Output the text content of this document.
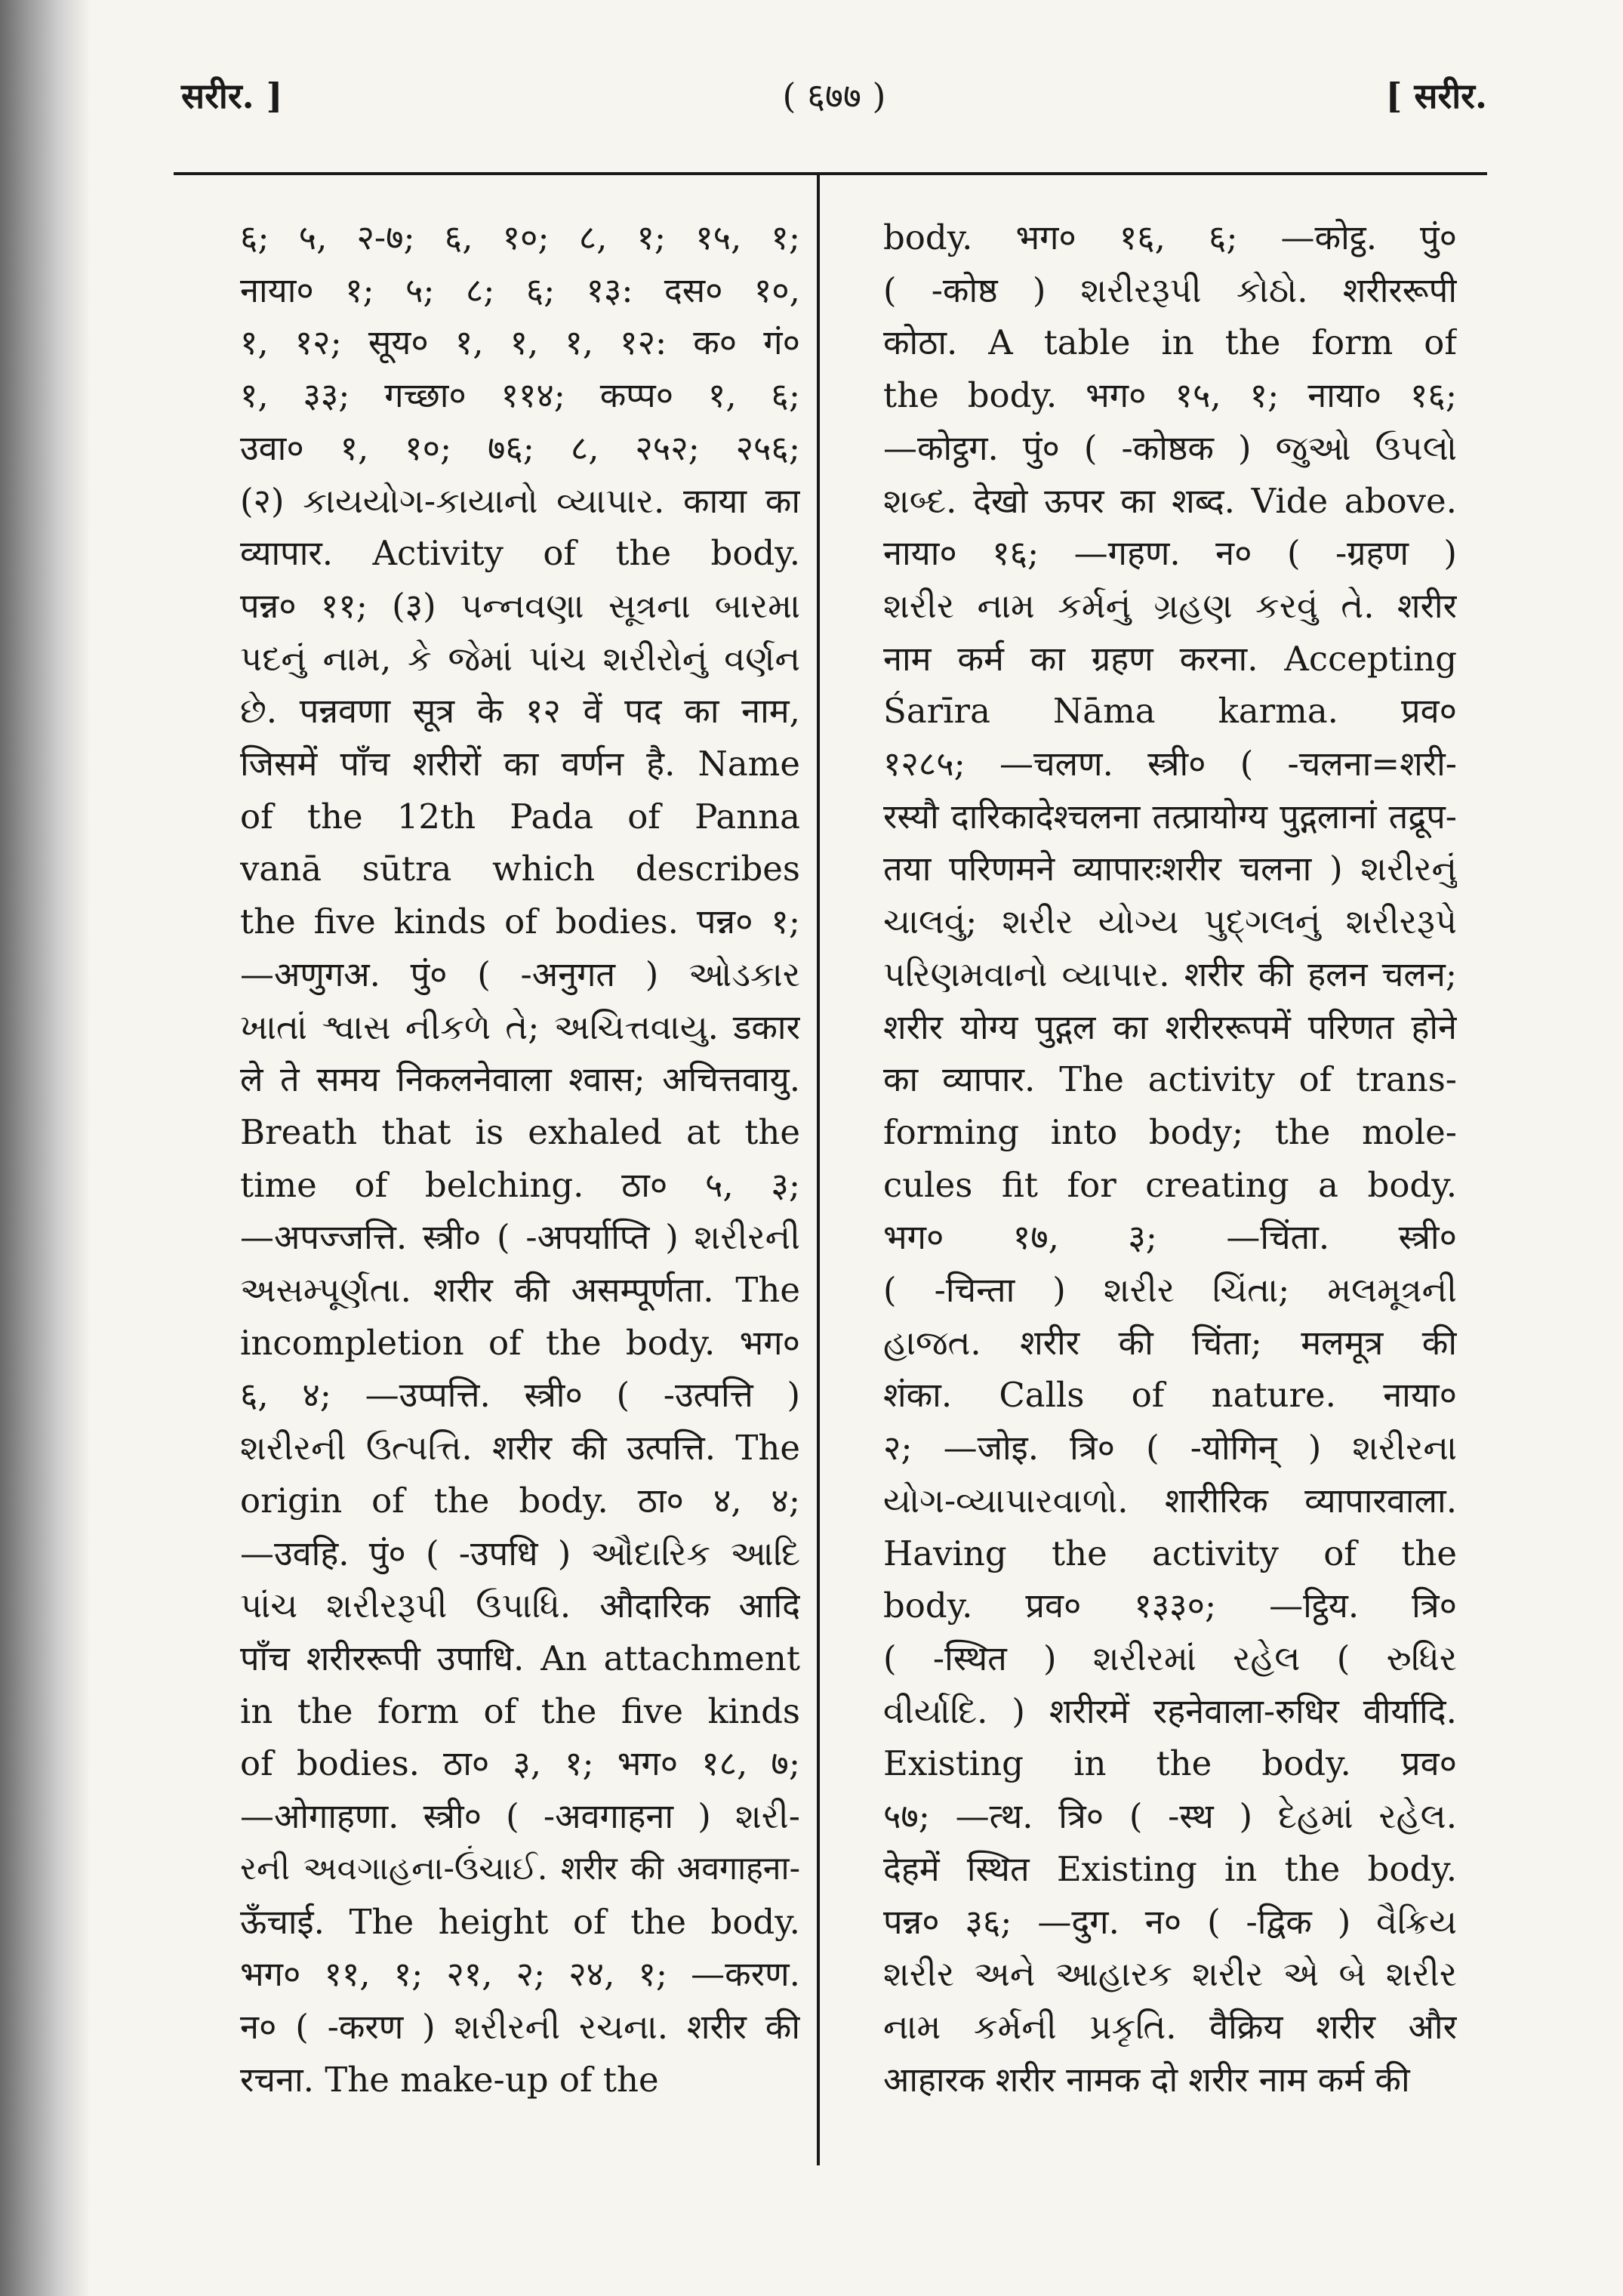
सरीर. ]	( ६७७ )	[ सरीर.
६; ५, २-७; ६, १०; ८, १; १५, १;
नाया० १; ५; ८; ६; १३: दस० १०,
१, १२; सूय० १, १, १, १२: क० गं०
१, ३३; गच्छा० ११४; कप्प० १, ६;
उवा० १, १०; ७६; ८, २५२; २५६;
(२) કાયયોગ-કાયાનો વ્યાપાર. काया का
व्यापार. Activity of the body.
पन्न० ११; (३) પન્નવણા સૂત્રના બારમા
પદનું નામ, કે જેમાં પાંચ શરીરોનું વર્ણન
છે. पन्नवणा सूत्र के १२ वें पद का नाम,
जिसमें पाँच शरीरों का वर्णन है. Name
of the 12th Pada of Panna
vanā sūtra which describes
the five kinds of bodies. पन्न० १;
—अणुगअ. पुं० ( -अनुगत ) ઓડકાર
ખાતાં શ્વાસ નીકળે તે; અચિત્તવાયુ. डकार
ले ते समय निकलनेवाला श्वास; अचित्तवायु.
Breath that is exhaled at the
time of belching. ठा० ५, ३;
—अपज्जत्ति. स्त्री० ( -अपर्याप्ति ) શરીરની
અસમ્પૂર્ણતા. शरीर की असम्पूर्णता. The
incompletion of the body. भग०
६, ४; —उप्पत्ति. स्त्री० ( -उत्पत्ति )
શરીરની ઉત્પત્તિ. शरीर की उत्पत्ति. The
origin of the body. ठा० ४, ४;
—उवहि. पुं० ( -उपधि ) ઔદારિક આદિ
પાંચ શરીરરૂપી ઉપાધિ. औदारिक आदि
पाँच शरीररूपी उपाधि. An attachment
in the form of the five kinds
of bodies. ठा० ३, १; भग० १८, ७;
—ओगाहणा. स्त्री० ( -अवगाहना ) શરી-
રની અવગાહના-ઉંચાઈ. शरीर की अवगाहना-
ऊँचाई. The height of the body.
भग० ११, १; २१, २; २४, १; —करण.
न० ( -करण ) શરીરની રચના. शरीर की
रचना. The make-up of the
body. भग० १६, ६; —कोट्ठ. पुं०
( -कोष्ठ ) શરીરરૂપી કોઠો. शरीररूपी
कोठा. A table in the form of
the body. भग० १५, १; नाया० १६;
—कोट्ठग. पुं० ( -कोष्ठक ) જુઓ ઉપલો
શબ્દ. देखो ऊपर का शब्द. Vide above.
नाया० १६; —गहण. न० ( -ग्रहण )
શરીર નામ કર્મનું ગ્રહણ કરવું તે. शरीर
नाम कर्म का ग्रहण करना. Accepting
Śarīra Nāma karma. प्रव०
१२८५; —चलण. स्त्री० ( -चलना=शरी-
रस्यौ दारिकादेश्चलना तत्प्रायोग्य पुद्गलानां तद्रूप-
तया परिणमने व्यापारःशरीर चलना ) શરીરનું
ચાલવું; શરીર યોગ્ય પુદ્ગલનું શરીરરૂપે
પરિણમવાનો વ્યાપાર. शरीर की हलन चलन;
शरीर योग्य पुद्गल का शरीररूपमें परिणत होने
का व्यापार. The activity of trans-
forming into body; the mole-
cules fit for creating a body.
भग० १७, ३; —चिंता. स्त्री०
( -चिन्ता ) શરીર ચિંતા; મલમૂત્રની
હાજત. शरीर की चिंता; मलमूत्र की
शंका. Calls of nature. नाया०
२; —जोइ. त्रि० ( -योगिन् ) શરીરના
યોગ-વ્યાપારવાળો. शारीरिक व्यापारवाला.
Having the activity of the
body. प्रव० १३३०; —ट्ठिय. त्रि०
( -स्थित ) શરીરમાં રહેલ ( રુધિર
વીર્યાદિ. ) शरीरमें रहनेवाला-रुधिर वीर्यादि.
Existing in the body. प्रव०
५७; —त्थ. त्रि० ( -स्थ ) દેહમાં રહેલ.
देहमें स्थित Existing in the body.
पन्न० ३६; —दुग. न० ( -द्विक ) વૈક્રિય
શરીર અને આહારક શરીર એ બે શરીર
નામ કર્મની પ્રકૃતિ. वैक्रिय शरीर और
आहारक शरीर नामक दो शरीर नाम कर्म की
